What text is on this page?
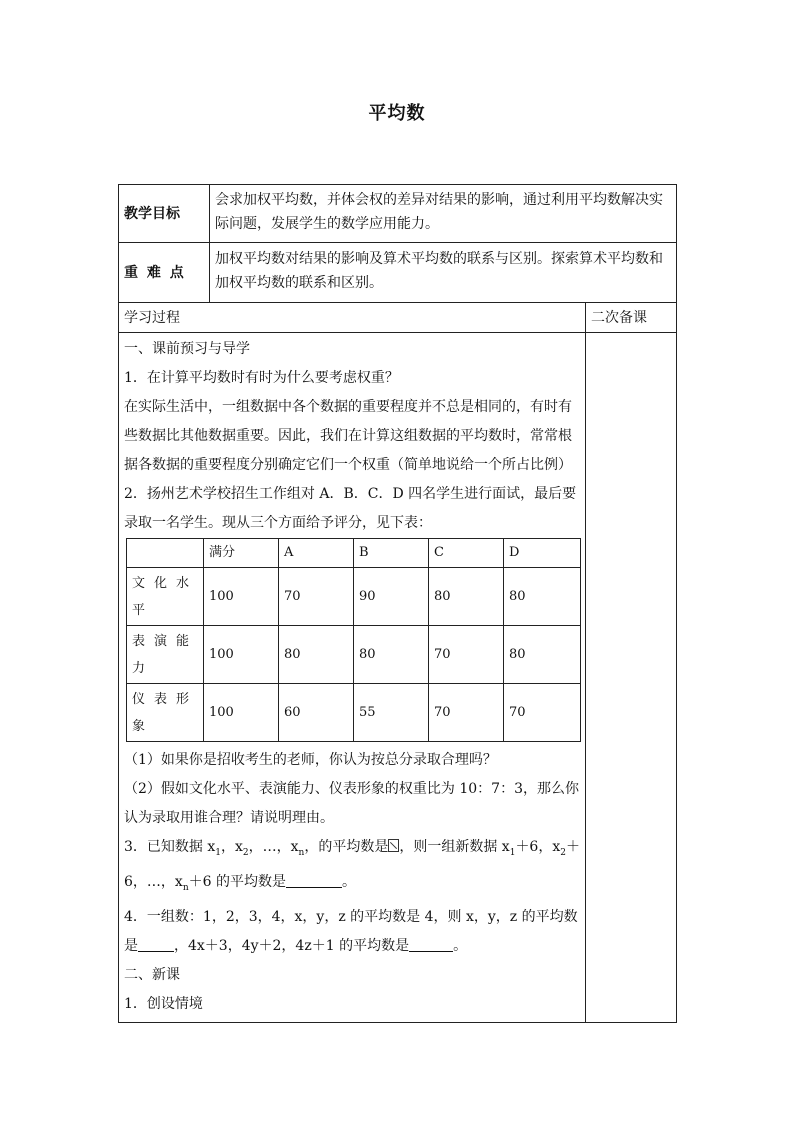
平均数
教学目标	会求加权平均数，并体会权的差异对结果的影响，通过利用平均数解决实际问题，发展学生的数学应用能力。
重 难 点	加权平均数对结果的影响及算术平均数的联系与区别。探索算术平均数和加权平均数的联系和区别。
学习过程	二次备课

一、课前预习与导学

1．在计算平均数时有时为什么要考虑权重？

在实际生活中，一组数据中各个数据的重要程度并不总是相同的，有时有些数据比其他数据重要。因此，我们在计算这组数据的平均数时，常常根据各数据的重要程度分别确定它们一个权重（简单地说给一个所占比例）

2．扬州艺术学校招生工作组对 A．B．C．D 四名学生进行面试，最后要录取一名学生。现从三个方面给予评分，见下表：

	满分	A	B	C	D
文化水平	100	70	90	80	80
表演能力	100	80	80	70	80
仪表形象	100	60	55	70	70

（1）如果你是招收考生的老师，你认为按总分录取合理吗？

（2）假如文化水平、表演能力、仪表形象的权重比为 10：7：3，那么你认为录取用谁合理？请说明理由。

3．已知数据 $x_1$，$x_2$，…，$x_n$，的平均数是 ，则一组新数据 $x_1+6$，$x_2+6$，…，$x_n+6$ 的平均数是	。

4．一组数：1，2，3，4，x，y，z 的平均数是 4，则 x，y，z 的平均数是	，4x＋3，4y＋2，4z＋1 的平均数是	。

二、新课

1．创设情境
